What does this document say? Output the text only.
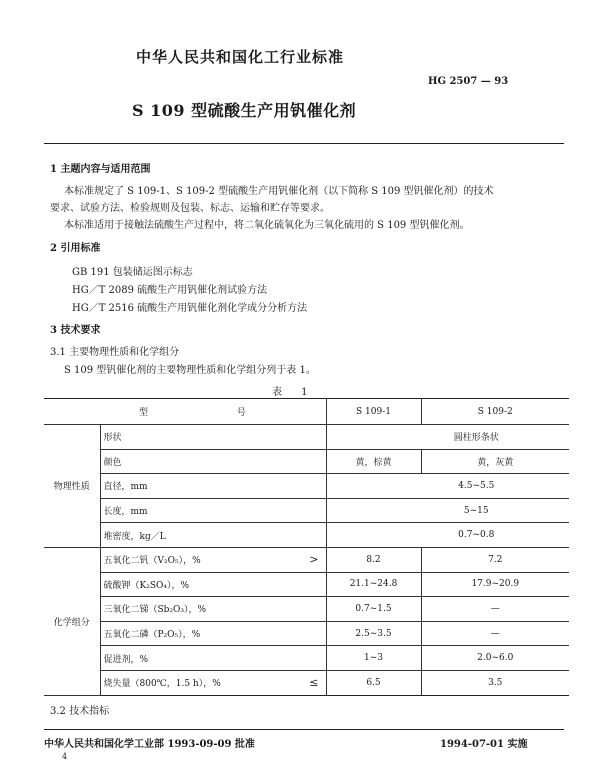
中华人民共和国化工行业标准
HG 2507 — 93
S 109 型硫酸生产用钒催化剂
1 主题内容与适用范围
本标准规定了 S 109-1、S 109-2 型硫酸生产用钒催化剂（以下简称 S 109 型钒催化剂）的技术
要求、试验方法、检验规则及包装、标志、运输和贮存等要求。
本标准适用于接触法硫酸生产过程中，将二氧化硫氧化为三氧化硫用的 S 109 型钒催化剂。
2 引用标准
GB 191 包装储运图示标志
HG／T 2089 硫酸生产用钒催化剂试验方法
HG／T 2516 硫酸生产用钒催化剂化学成分分析方法
3 技术要求
3.1 主要物理性质和化学组分
S 109 型钒催化剂的主要物理性质和化学组分列于表 1。
表 1
型 号		S 109-1	S 109-2
物理性质	形状	圆柱形条状	
	颜色	黄，棕黄	黄，灰黄
	直径，mm	4.5~5.5	
	长度，mm	5~15	
	堆密度，kg／L	0.7~0.8	
化学组分	五氧化二钒（V₂O₅），% >	8.2	7.2
	硫酸钾（K₂SO₄），%	21.1~24.8	17.9~20.9
	三氧化二锑（Sb₂O₃），%	0.7~1.5	—
	五氧化二磷（P₂O₅），%	2.5~3.5	—
	促进剂，%	1~3	2.0~6.0
	烧失量（800℃，1.5 h），% ≤	6.5	3.5
3.2 技术指标
中华人民共和国化学工业部 1993-09-09 批准	1994-07-01 实施
4
